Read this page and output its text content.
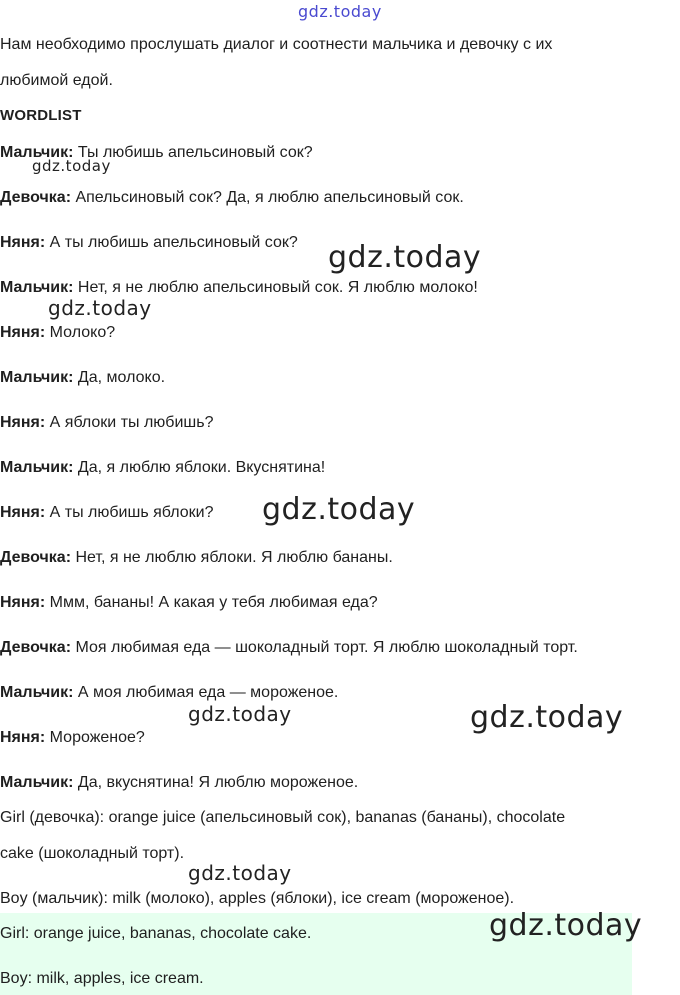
gdz.today
gdz.today
gdz.today
gdz.today
gdz.today
gdz.today	gdz.today
gdz.today
gdz.today
Нам необходимо прослушать диалог и соотнести мальчика и девочку с их
любимой едой.
WORDLIST
Мальчик: Ты любишь апельсиновый сок?
Девочка: Апельсиновый сок? Да, я люблю апельсиновый сок.
Няня: А ты любишь апельсиновый сок?
Мальчик: Нет, я не люблю апельсиновый сок. Я люблю молоко!
Няня: Молоко?
Мальчик: Да, молоко.
Няня: А яблоки ты любишь?
Мальчик: Да, я люблю яблоки. Вкуснятина!
Няня: А ты любишь яблоки?
Девочка: Нет, я не люблю яблоки. Я люблю бананы.
Няня: Ммм, бананы! А какая у тебя любимая еда?
Девочка: Моя любимая еда — шоколадный торт. Я люблю шоколадный торт.
Мальчик: А моя любимая еда — мороженое.
Няня: Мороженое?
Мальчик: Да, вкуснятина! Я люблю мороженое.
Girl (девочка): orange juice (апельсиновый сок), bananas (бананы), chocolate
cake (шоколадный торт).
Boy (мальчик): milk (молоко), apples (яблоки), ice cream (мороженое).
Girl: orange juice, bananas, chocolate cake.
Boy: milk, apples, ice cream.
